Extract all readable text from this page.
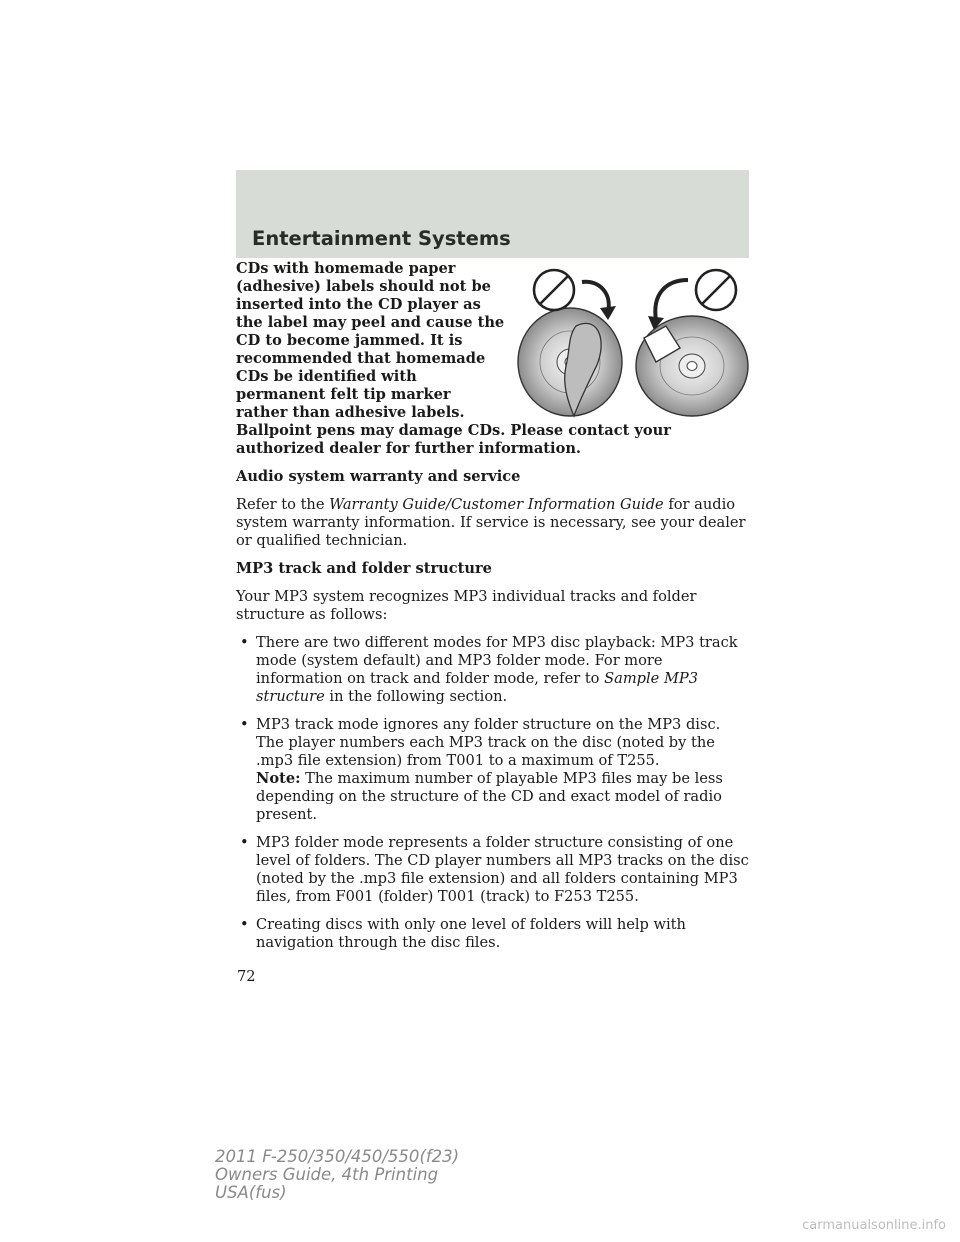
Entertainment Systems

CDs with homemade paper (adhesive) labels should not be inserted into the CD player as the label may peel and cause the CD to become jammed. It is recommended that homemade CDs be identified with permanent felt tip marker rather than adhesive labels. Ballpoint pens may damage CDs. Please contact your authorized dealer for further information.

Audio system warranty and service

Refer to the Warranty Guide/Customer Information Guide for audio system warranty information. If service is necessary, see your dealer or qualified technician.

MP3 track and folder structure

Your MP3 system recognizes MP3 individual tracks and folder structure as follows:

• There are two different modes for MP3 disc playback: MP3 track mode (system default) and MP3 folder mode. For more information on track and folder mode, refer to Sample MP3 structure in the following section.
• MP3 track mode ignores any folder structure on the MP3 disc. The player numbers each MP3 track on the disc (noted by the .mp3 file extension) from T001 to a maximum of T255.
Note: The maximum number of playable MP3 files may be less depending on the structure of the CD and exact model of radio present.
• MP3 folder mode represents a folder structure consisting of one level of folders. The CD player numbers all MP3 tracks on the disc (noted by the .mp3 file extension) and all folders containing MP3 files, from F001 (folder) T001 (track) to F253 T255.
• Creating discs with only one level of folders will help with navigation through the disc files.
72
2011 F-250/350/450/550(f23)
Owners Guide, 4th Printing
USA(fus)
carmanualsonline.info
